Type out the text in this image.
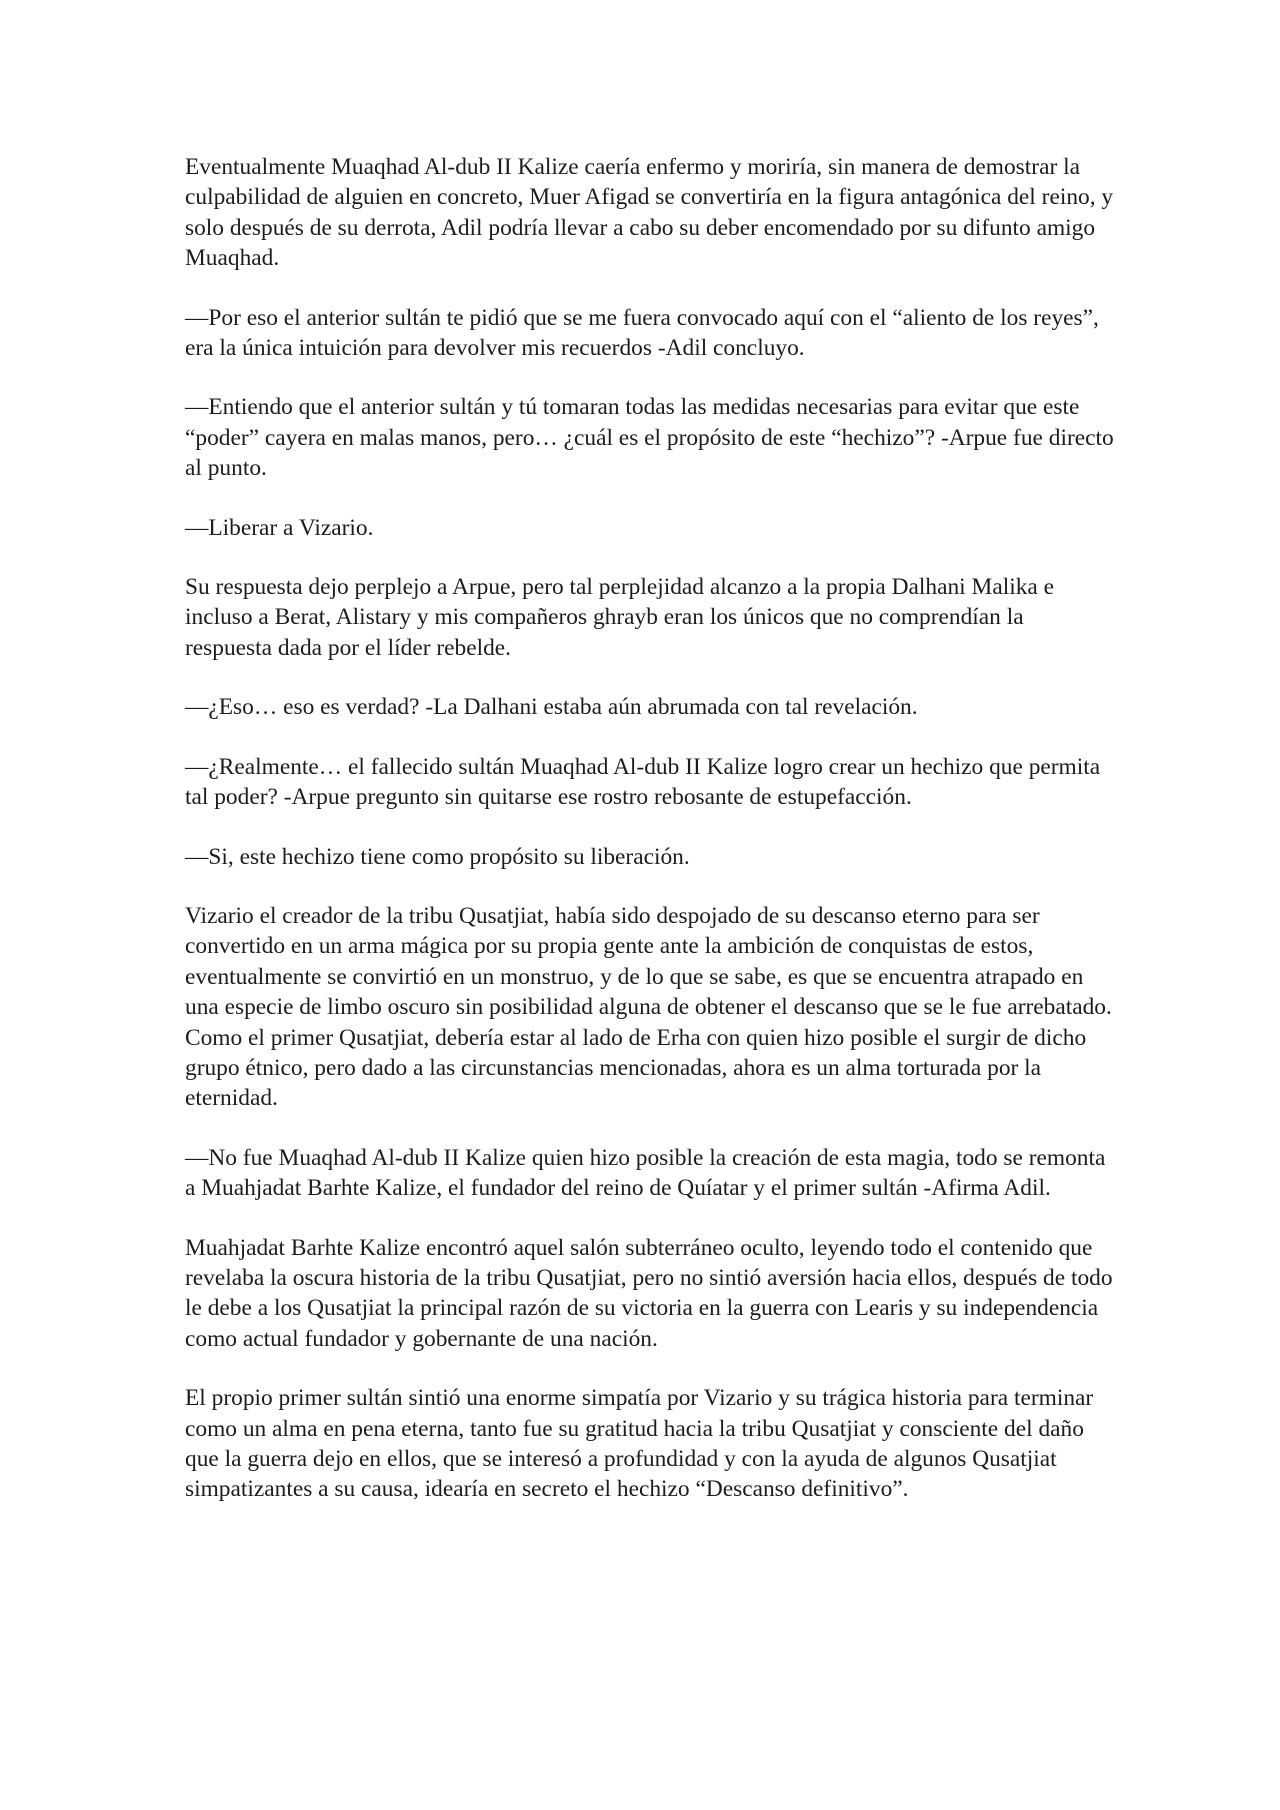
Eventualmente Muaqhad Al-dub II Kalize caería enfermo y moriría, sin manera de demostrar la culpabilidad de alguien en concreto, Muer Afigad se convertiría en la figura antagónica del reino, y solo después de su derrota, Adil podría llevar a cabo su deber encomendado por su difunto amigo Muaqhad.

—Por eso el anterior sultán te pidió que se me fuera convocado aquí con el “aliento de los reyes”, era la única intuición para devolver mis recuerdos -Adil concluyo.

—Entiendo que el anterior sultán y tú tomaran todas las medidas necesarias para evitar que este “poder” cayera en malas manos, pero… ¿cuál es el propósito de este “hechizo”? -Arpue fue directo al punto.

—Liberar a Vizario.

Su respuesta dejo perplejo a Arpue, pero tal perplejidad alcanzo a la propia Dalhani Malika e incluso a Berat, Alistary y mis compañeros ghrayb eran los únicos que no comprendían la respuesta dada por el líder rebelde.

—¿Eso… eso es verdad? -La Dalhani estaba aún abrumada con tal revelación.

—¿Realmente… el fallecido sultán Muaqhad Al-dub II Kalize logro crear un hechizo que permita tal poder? -Arpue pregunto sin quitarse ese rostro rebosante de estupefacción.

—Si, este hechizo tiene como propósito su liberación.

Vizario el creador de la tribu Qusatjiat, había sido despojado de su descanso eterno para ser convertido en un arma mágica por su propia gente ante la ambición de conquistas de estos, eventualmente se convirtió en un monstruo, y de lo que se sabe, es que se encuentra atrapado en una especie de limbo oscuro sin posibilidad alguna de obtener el descanso que se le fue arrebatado. Como el primer Qusatjiat, debería estar al lado de Erha con quien hizo posible el surgir de dicho grupo étnico, pero dado a las circunstancias mencionadas, ahora es un alma torturada por la eternidad.

—No fue Muaqhad Al-dub II Kalize quien hizo posible la creación de esta magia, todo se remonta a Muahjadat Barhte Kalize, el fundador del reino de Quíatar y el primer sultán -Afirma Adil.

Muahjadat Barhte Kalize encontró aquel salón subterráneo oculto, leyendo todo el contenido que revelaba la oscura historia de la tribu Qusatjiat, pero no sintió aversión hacia ellos, después de todo le debe a los Qusatjiat la principal razón de su victoria en la guerra con Learis y su independencia como actual fundador y gobernante de una nación.

El propio primer sultán sintió una enorme simpatía por Vizario y su trágica historia para terminar como un alma en pena eterna, tanto fue su gratitud hacia la tribu Qusatjiat y consciente del daño que la guerra dejo en ellos, que se interesó a profundidad y con la ayuda de algunos Qusatjiat simpatizantes a su causa, idearía en secreto el hechizo “Descanso definitivo”.
